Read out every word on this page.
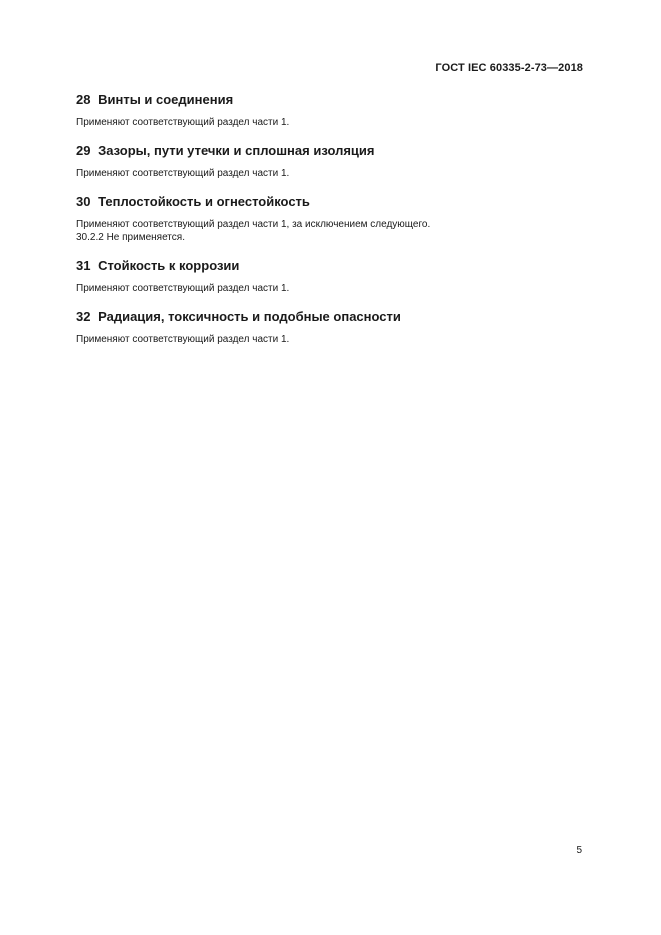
ГОСТ IEC 60335-2-73—2018
28 Винты и соединения

Применяют соответствующий раздел части 1.

29 Зазоры, пути утечки и сплошная изоляция

Применяют соответствующий раздел части 1.

30 Теплостойкость и огнестойкость

Применяют соответствующий раздел части 1, за исключением следующего.

30.2.2 Не применяется.

31 Стойкость к коррозии

Применяют соответствующий раздел части 1.

32 Радиация, токсичность и подобные опасности

Применяют соответствующий раздел части 1.

5
